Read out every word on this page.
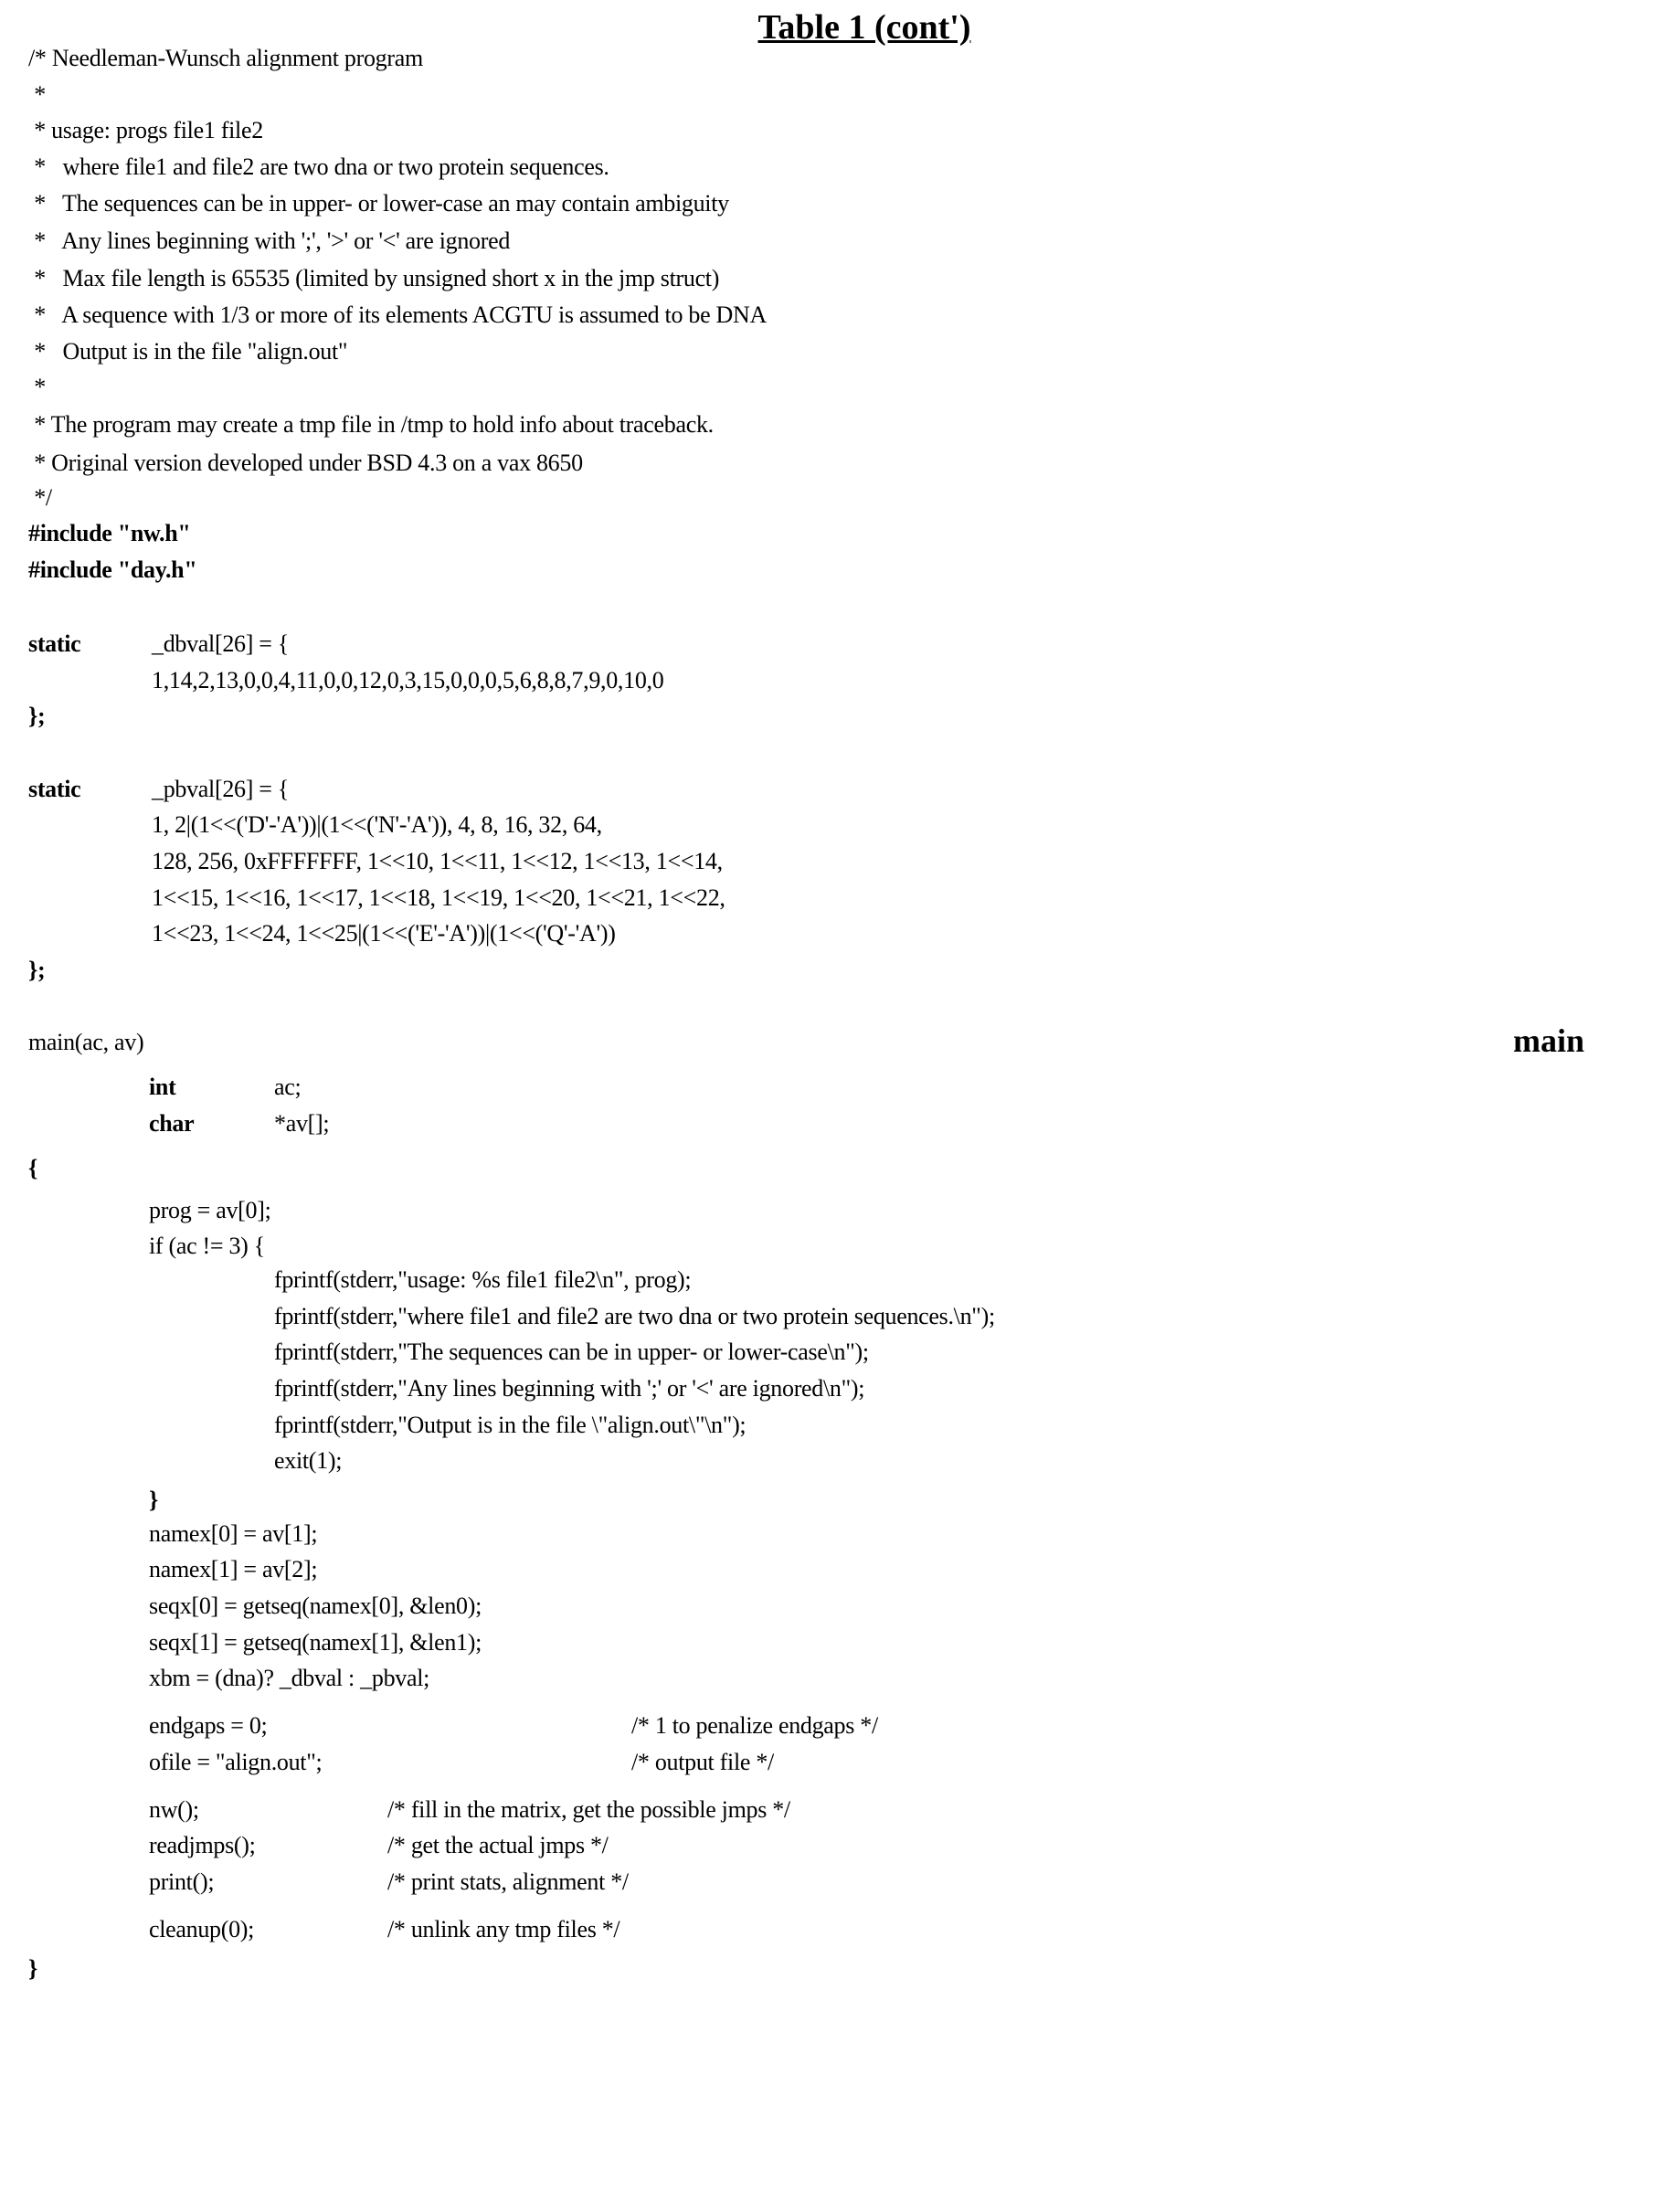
Table 1 (cont')
main
/* Needleman-Wunsch alignment program
*
* usage: progs file1 file2
*   where file1 and file2 are two dna or two protein sequences.
*   The sequences can be in upper- or lower-case an may contain ambiguity
*   Any lines beginning with ';', '>' or '<' are ignored
*   Max file length is 65535 (limited by unsigned short x in the jmp struct)
*   A sequence with 1/3 or more of its elements ACGTU is assumed to be DNA
*   Output is in the file "align.out"
*
* The program may create a tmp file in /tmp to hold info about traceback.
* Original version developed under BSD 4.3 on a vax 8650
*/
#include "nw.h"
#include "day.h"
static	_dbval[26] = {
1,14,2,13,0,0,4,11,0,0,12,0,3,15,0,0,0,5,6,8,8,7,9,0,10,0
};
static	_pbval[26] = {
1, 2|(1<<('D'-'A'))|(1<<('N'-'A')), 4, 8, 16, 32, 64,
128, 256, 0xFFFFFFF, 1<<10, 1<<11, 1<<12, 1<<13, 1<<14,
1<<15, 1<<16, 1<<17, 1<<18, 1<<19, 1<<20, 1<<21, 1<<22,
1<<23, 1<<24, 1<<25|(1<<('E'-'A'))|(1<<('Q'-'A'))
};
main(ac, av)
int	ac;
char	*av[];
{
prog = av[0];
if (ac != 3) {
fprintf(stderr,"usage: %s file1 file2\n", prog);
fprintf(stderr,"where file1 and file2 are two dna or two protein sequences.\n");
fprintf(stderr,"The sequences can be in upper- or lower-case\n");
fprintf(stderr,"Any lines beginning with ';' or '<' are ignored\n");
fprintf(stderr,"Output is in the file \"align.out\"\n");
exit(1);
}
namex[0] = av[1];
namex[1] = av[2];
seqx[0] = getseq(namex[0], &len0);
seqx[1] = getseq(namex[1], &len1);
xbm = (dna)? _dbval : _pbval;
endgaps = 0;	/* 1 to penalize endgaps */
ofile = "align.out";	/* output file */
nw();	/* fill in the matrix, get the possible jmps */
readjmps();	/* get the actual jmps */
print();	/* print stats, alignment */
cleanup(0);	/* unlink any tmp files */
}
